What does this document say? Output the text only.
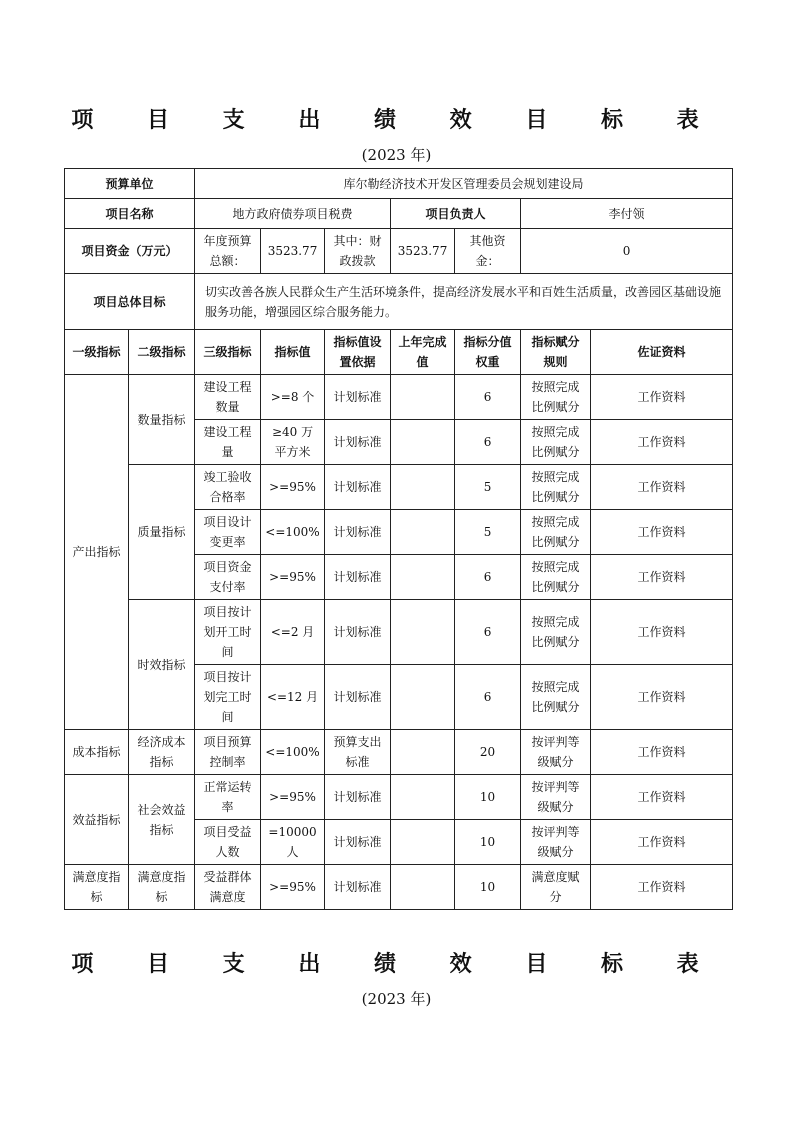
项 目 支 出 绩 效 目 标 表
(2023 年)
预算单位		库尔勒经济技术开发区管理委员会规划建设局						
项目名称		地方政府债券项目税费			项目负责人		李付领	
项目资金（万元）		年度预算总额：	3523.77	其中：财政拨款	3523.77	其他资金：	0	
项目总体目标		切实改善各族人民群众生产生活环境条件，提高经济发展水平和百姓生活质量，改善园区基础设施服务功能，增强园区综合服务能力。						
一级指标	二级指标	三级指标	指标值	指标值设置依据	上年完成值	指标分值权重	指标赋分规则	佐证资料
产出指标	数量指标	建设工程数量	>=8 个	计划标准		6	按照完成比例赋分	工作资料
		建设工程量	≥40 万平方米	计划标准		6	按照完成比例赋分	工作资料
	质量指标	竣工验收合格率	>=95%	计划标准		5	按照完成比例赋分	工作资料
		项目设计变更率	<=100%	计划标准		5	按照完成比例赋分	工作资料
		项目资金支付率	>=95%	计划标准		6	按照完成比例赋分	工作资料
	时效指标	项目按计划开工时间	<=2 月	计划标准		6	按照完成比例赋分	工作资料
		项目按计划完工时间	<=12 月	计划标准		6	按照完成比例赋分	工作资料
成本指标	经济成本指标	项目预算控制率	<=100%	预算支出标准		20	按评判等级赋分	工作资料
效益指标	社会效益指标	正常运转率	>=95%	计划标准		10	按评判等级赋分	工作资料
		项目受益人数	=10000 人	计划标准		10	按评判等级赋分	工作资料
满意度指标	满意度指标	受益群体满意度	>=95%	计划标准		10	满意度赋分	工作资料
项 目 支 出 绩 效 目 标 表
(2023 年)
